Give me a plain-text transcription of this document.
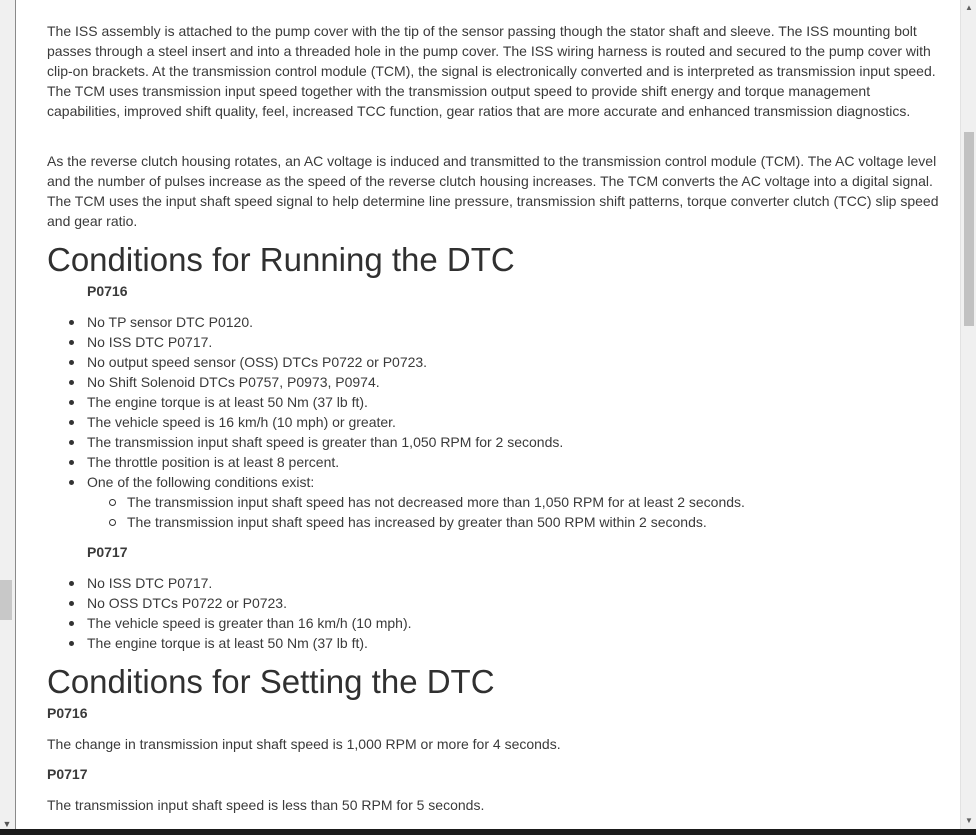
▼

The ISS assembly is attached to the pump cover with the tip of the sensor passing though the stator shaft and sleeve. The ISS mounting bolt passes through a steel insert and into a threaded hole in the pump cover. The ISS wiring harness is routed and secured to the pump cover with clip-on brackets. At the transmission control module (TCM), the signal is electronically converted and is interpreted as transmission input speed. The TCM uses transmission input speed together with the transmission output speed to provide shift energy and torque management capabilities, improved shift quality, feel, increased TCC function, gear ratios that are more accurate and enhanced transmission diagnostics.

As the reverse clutch housing rotates, an AC voltage is induced and transmitted to the transmission control module (TCM). The AC voltage level and the number of pulses increase as the speed of the reverse clutch housing increases. The TCM converts the AC voltage into a digital signal. The TCM uses the input shaft speed signal to help determine line pressure, transmission shift patterns, torque converter clutch (TCC) slip speed and gear ratio.

Conditions for Running the DTC
P0716
No TP sensor DTC P0120.
No ISS DTC P0717.
No output speed sensor (OSS) DTCs P0722 or P0723.
No Shift Solenoid DTCs P0757, P0973, P0974.
The engine torque is at least 50 Nm (37 lb ft).
The vehicle speed is 16 km/h (10 mph) or greater.
The transmission input shaft speed is greater than 1,050 RPM for 2 seconds.
The throttle position is at least 8 percent.
One of the following conditions exist:
The transmission input shaft speed has not decreased more than 1,050 RPM for at least 2 seconds.
The transmission input shaft speed has increased by greater than 500 RPM within 2 seconds.
P0717
No ISS DTC P0717.
No OSS DTCs P0722 or P0723.
The vehicle speed is greater than 16 km/h (10 mph).
The engine torque is at least 50 Nm (37 lb ft).
Conditions for Setting the DTC
P0716

The change in transmission input shaft speed is 1,000 RPM or more for 4 seconds.

P0717

The transmission input shaft speed is less than 50 RPM for 5 seconds.

▲
▼
